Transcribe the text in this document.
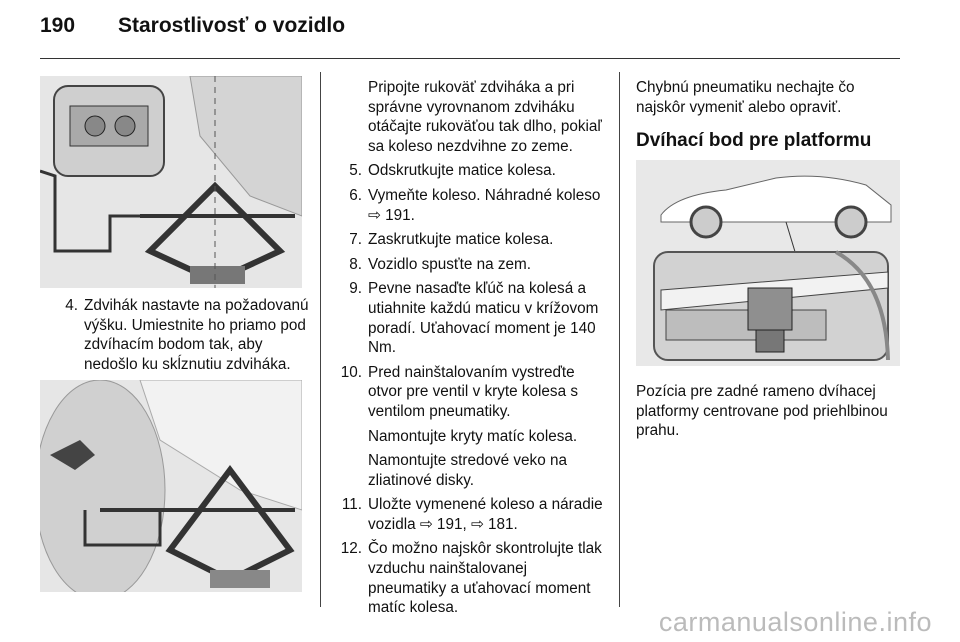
190 Starostlivosť o vozidlo
4. Zdvihák nastavte na požadovanú výšku. Umiestnite ho priamo pod zdvíhacím bodom tak, aby nedošlo ku skĺznutiu zdviháka.
Pripojte rukoväť zdviháka a pri správne vyrovnanom zdviháku otáčajte rukoväťou tak dlho, pokiaľ sa koleso nezdvihne zo zeme.
5. Odskrutkujte matice kolesa.
6. Vymeňte koleso. Náhradné koleso ⇨ 191.
7. Zaskrutkujte matice kolesa.
8. Vozidlo spusťte na zem.
9. Pevne nasaďte kľúč na kolesá a utiahnite každú maticu v krížovom poradí. Uťahovací moment je 140 Nm.
10. Pred nainštalovaním vystreďte otvor pre ventil v kryte kolesa s ventilom pneumatiky.
Namontujte kryty matíc kolesa.
Namontujte stredové veko na zliatinové disky.
11. Uložte vymenené koleso a náradie vozidla ⇨ 191, ⇨ 181.
12. Čo možno najskôr skontrolujte tlak vzduchu nainštalovanej pneumatiky a uťahovací moment matíc kolesa.
Chybnú pneumatiku nechajte čo najskôr vymeniť alebo opraviť.
Dvíhací bod pre platformu
Pozícia pre zadné rameno dvíhacej platformy centrovane pod priehlbinou prahu.
carmanualsonline.info
